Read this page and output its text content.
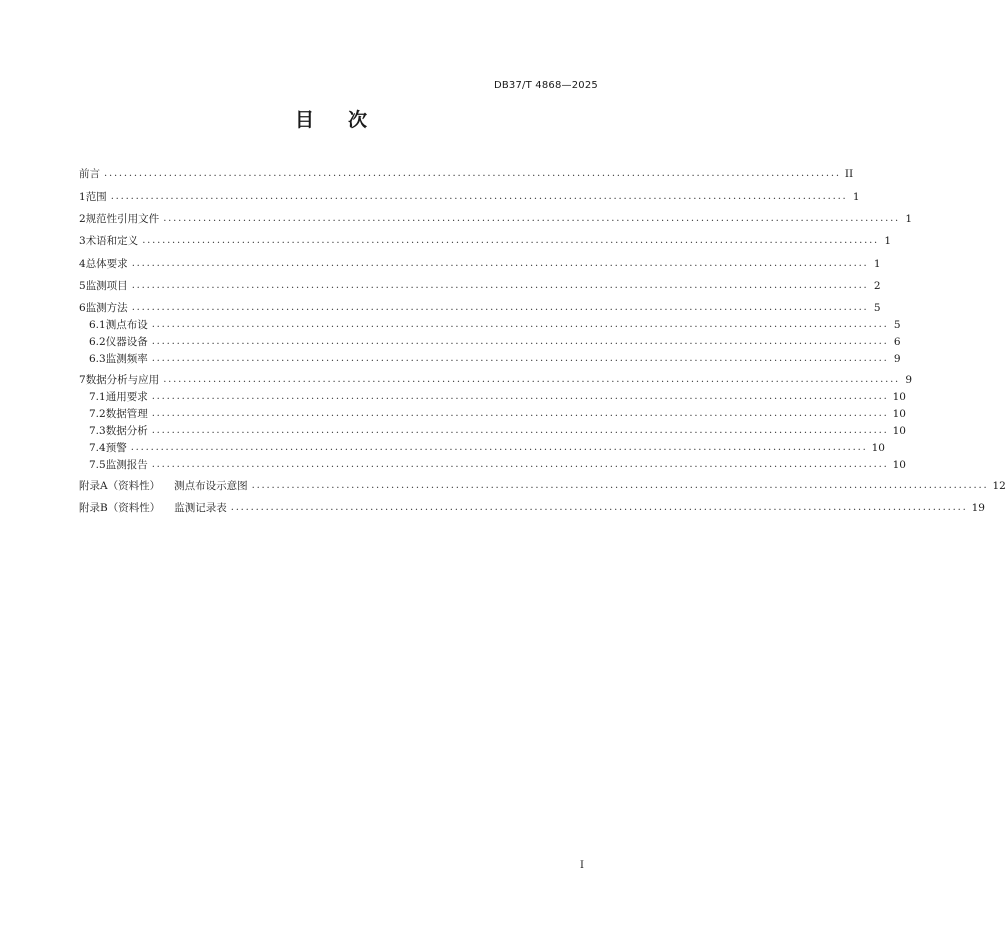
DB37/T 4868—2025
目 次
前言 .................................................................................................................................................... II
1 范围 .................................................................................................................................................... 1
2 规范性引用文件 .................................................................................................................................................... 1
3 术语和定义 .................................................................................................................................................... 1
4 总体要求 .................................................................................................................................................... 1
5 监测项目 .................................................................................................................................................... 2
6 监测方法 .................................................................................................................................................... 5
6.1 测点布设 .................................................................................................................................................... 5
6.2 仪器设备 .................................................................................................................................................... 6
6.3 监测频率 .................................................................................................................................................... 9
7 数据分析与应用 .................................................................................................................................................... 9
7.1 通用要求 .................................................................................................................................................... 10
7.2 数据管理 .................................................................................................................................................... 10
7.3 数据分析 .................................................................................................................................................... 10
7.4 预警 .................................................................................................................................................... 10
7.5 监测报告 .................................................................................................................................................... 10
附录A（资料性） 测点布设示意图 .................................................................................................................................................... 12
附录B（资料性） 监测记录表 .................................................................................................................................................... 19
I
